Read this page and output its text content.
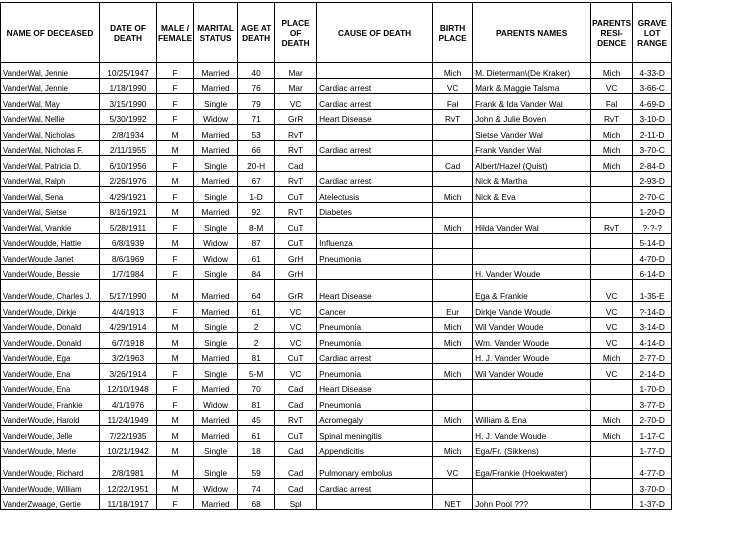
NAME OF DECEASED	DATE OF DEATH	MALE / FEMALE	MARITAL STATUS	AGE AT DEATH	PLACE OF DEATH	CAUSE OF DEATH	BIRTH PLACE	PARENTS NAMES	PARENTS RESI- DENCE	GRAVE LOT RANGE
VanderWal, Jennie	10/25/1947	F	Married	40	Mar		Mich	M. Dieterman\(De Kraker)	Mich	4-33-D
VanderWal, Jennie	1/18/1990	F	Married	76	Mar	Cardiac arrest	VC	Mark & Maggie Talsma	VC	3-66-C
VanderWal, May	3/15/1990	F	Single	79	VC	Cardiac arrest	Fal	Frank & Ida Vander Wal	Fal	4-69-D
VanderWal, Nellie	5/30/1992	F	Widow	71	GrR	Heart Disease	RvT	John & Julie Boven	RvT	3-10-D
VanderWal, Nicholas	2/8/1934	M	Married	53	RvT			Sietse Vander Wal	Mich	2-11-D
VanderWal, Nicholas F.	2/11/1955	M	Married	66	RvT	Cardiac arrest		Frank Vander Wal	Mich	3-70-C
VanderWal, Patricia D.	6/10/1956	F	Single	20-H	Cad		Cad	Albert/Hazel (Quist)	Mich	2-84-D
VanderWal, Ralph	2/26/1976	M	Married	67	RvT	Cardiac arrest		Nick & Martha		2-93-D
VanderWal, Sena	4/29/1921	F	Single	1-D	CuT	Atelectusis	Mich	Nick & Eva		2-70-C
VanderWal, Sietse	8/16/1921	M	Married	92	RvT	Diabetes				1-20-D
VanderWal, Vrankie	5/28/1911	F	Single	8-M	CuT		Mich	Hilda Vander Wal	RvT	?-?-?
VanderWoudde, Hattie	6/8/1939	M	Widow	87	CuT	Influenza				5-14-D
VanderWoude Janet	8/6/1969	F	Widow	61	GrH	Pneumonia				4-70-D
VanderWoude, Bessie	1/7/1984	F	Single	84	GrH			H. Vander Woude		6-14-D
VanderWoude, Charles J.	5/17/1990	M	Married	64	GrR	Heart Disease		Ega & Frankie	VC	1-35-E
VanderWoude, Dirkje	4/4/1913	F	Married	61	VC	Cancer	Eur	Dirkje Vande Woude	VC	?-14-D
VanderWoude, Donald	4/29/1914	M	Single	2	VC	Pneumonia	Mich	Wil Vander Woude	VC	3-14-D
VanderWoude, Donald	6/7/1918	M	Single	2	VC	Pneumonia	Mich	Wm. Vander Woude	VC	4-14-D
VanderWoude, Ega	3/2/1963	M	Married	81	CuT	Cardiac arrest		H. J. Vander Woude	Mich	2-77-D
VanderWoude, Ena	3/26/1914	F	Single	5-M	VC	Pneumonia	Mich	Wil Vander Woude	VC	2-14-D
VanderWoude, Ena	12/10/1948	F	Married	70	Cad	Heart Disease				1-70-D
VanderWoude, Frankie	4/1/1976	F	Widow	81	Cad	Pneumonia				3-77-D
VanderWoude, Harold	11/24/1949	M	Married	45	RvT	Acromegaly	Mich	William & Ena	Mich	2-70-D
VanderWoude, Jelle	7/22/1935	M	Married	61	CuT	Spinal meningitis		H. J. Vande Woude	Mich	1-17-C
VanderWoude, Merle	10/21/1942	M	Single	18	Cad	Appendicitis	Mich	Ega/Fr. (Sikkens)		1-77-D
VanderWoude, Richard	2/8/1981	M	Single	59	Cad	Pulmonary embolus	VC	Ega/Frankie (Hoekwater)		4-77-D
VanderWoude, William	12/22/1951	M	Widow	74	Cad	Cardiac arrest				3-70-D
VanderZwaage, Gertie	11/18/1917	F	Married	68	Spl		NET	John Pool ???		1-37-D
